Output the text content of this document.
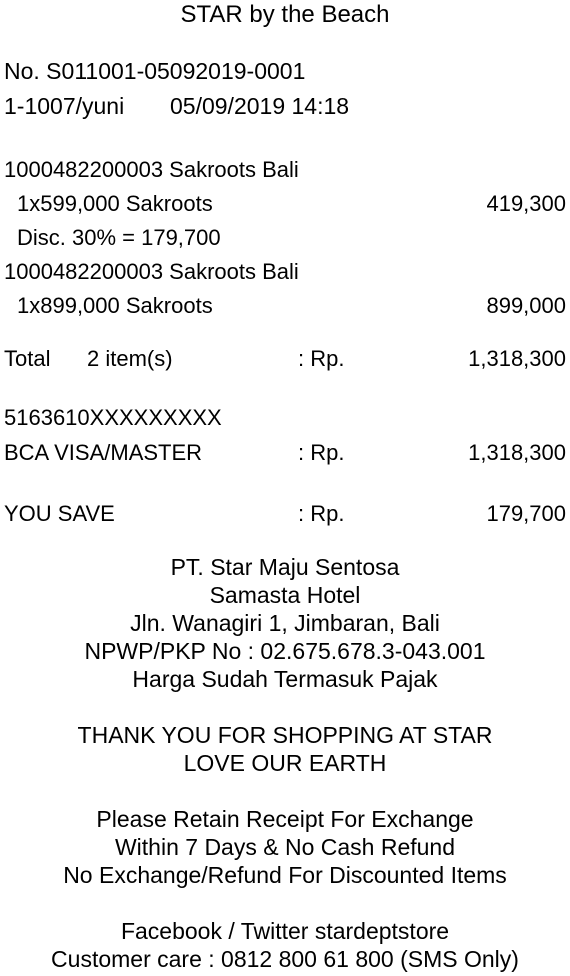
STAR by the Beach
No. S011001-05092019-0001
1-1007/yuni 05/09/2019 14:18
1000482200003 Sakroots Bali
1x599,000 Sakroots	419,300
Disc. 30% = 179,700
1000482200003 Sakroots Bali
1x899,000 Sakroots	899,000
Total 2 item(s)	: Rp.	1,318,300
5163610XXXXXXXXX
BCA VISA/MASTER	: Rp.	1,318,300
YOU SAVE	: Rp.	179,700
PT. Star Maju Sentosa
Samasta Hotel
Jln. Wanagiri 1, Jimbaran, Bali
NPWP/PKP No : 02.675.678.3-043.001
Harga Sudah Termasuk Pajak
THANK YOU FOR SHOPPING AT STAR
LOVE OUR EARTH
Please Retain Receipt For Exchange
Within 7 Days & No Cash Refund
No Exchange/Refund For Discounted Items
Facebook / Twitter stardeptstore
Customer care : 0812 800 61 800 (SMS Only)
